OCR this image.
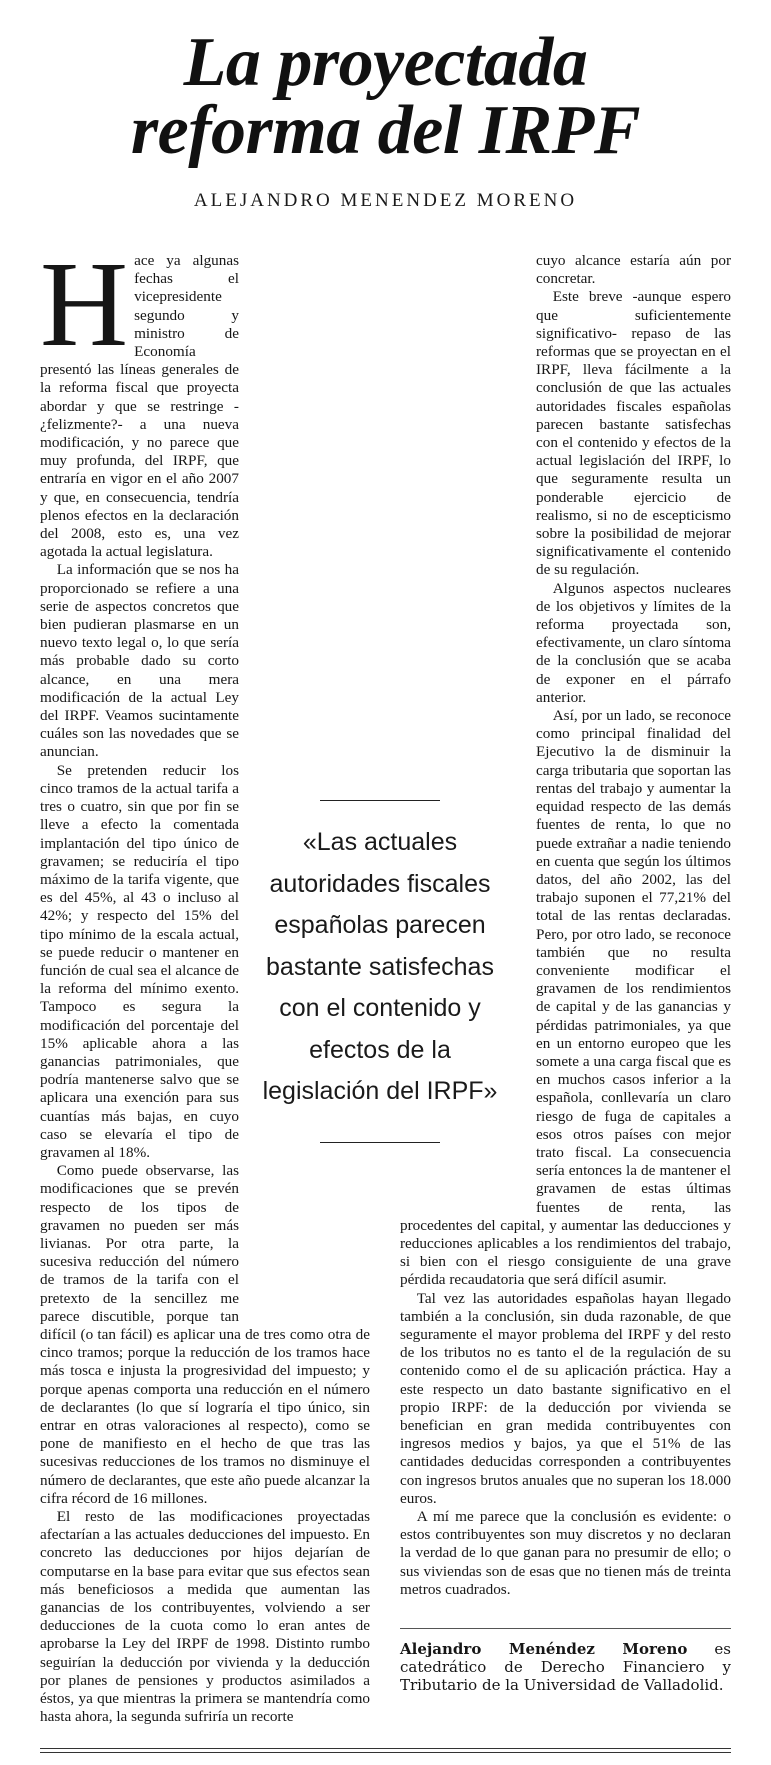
La proyectada
reforma del IRPF
ALEJANDRO MENENDEZ MORENO
H ace ya algunas fechas el vicepresidente segundo y ministro de Economía presentó las líneas generales de la reforma fiscal que proyecta abordar y que se restringe -¿felizmente?- a una nueva modificación, y no parece que muy profunda, del IRPF, que entraría en vigor en el año 2007 y que, en consecuencia, tendría plenos efectos en la declaración del 2008, esto es, una vez agotada la actual legislatura.

La información que se nos ha proporcionado se refiere a una serie de aspectos concretos que bien pudieran plasmarse en un nuevo texto legal o, lo que sería más probable dado su corto alcance, en una mera modificación de la actual Ley del IRPF. Veamos sucintamente cuáles son las novedades que se anuncian.

Se pretenden reducir los cinco tramos de la actual tarifa a tres o cuatro, sin que por fin se lleve a efecto la comentada implantación del tipo único de gravamen; se reduciría el tipo máximo de la tarifa vigente, que es del 45%, al 43 o incluso al 42%; y respecto del 15% del tipo mínimo de la escala actual, se puede reducir o mantener en función de cual sea el alcance de la reforma del mínimo exento. Tampoco es segura la modificación del porcentaje del 15% aplicable ahora a las ganancias patrimoniales, que podría mantenerse salvo que se aplicara una exención para sus cuantías más bajas, en cuyo caso se elevaría el tipo de gravamen al 18%.

Como puede observarse, las modificaciones que se prevén respecto de los tipos de gravamen no pueden ser más livianas. Por otra parte, la sucesiva reducción del número de tramos de la tarifa con el pretexto de la sencillez me parece discutible, porque tan difícil (o tan fácil) es aplicar una de tres como otra de cinco tramos; porque la reducción de los tramos hace más tosca e injusta la progresividad del impuesto; y porque apenas comporta una reducción en el número de declarantes (lo que sí lograría el tipo único, sin entrar en otras valoraciones al respecto), como se pone de manifiesto en el hecho de que tras las sucesivas reducciones de los tramos no disminuye el número de declarantes, que este año puede alcanzar la cifra récord de 16 millones.

El resto de las modificaciones proyectadas afectarían a las actuales deducciones del impuesto. En concreto las deducciones por hijos dejarían de computarse en la base para evitar que sus efectos sean más beneficiosos a medida que aumentan las ganancias de los contribuyentes, volviendo a ser deducciones de la cuota como lo eran antes de aprobarse la Ley del IRPF de 1998. Distinto rumbo seguirían la deducción por vivienda y la deducción por planes de pensiones y productos asimilados a éstos, ya que mientras la primera se mantendría como hasta ahora, la segunda sufriría un recorte

cuyo alcance estaría aún por concretar.

Este breve -aunque espero que suficientemente significativo- repaso de las reformas que se proyectan en el IRPF, lleva fácilmente a la conclusión de que las actuales autoridades fiscales españolas parecen bastante satisfechas con el contenido y efectos de la actual legislación del IRPF, lo que seguramente resulta un ponderable ejercicio de realismo, si no de escepticismo sobre la posibilidad de mejorar significativamente el contenido de su regulación.

Algunos aspectos nucleares de los objetivos y límites de la reforma proyectada son, efectivamente, un claro síntoma de la conclusión que se acaba de exponer en el párrafo anterior.

Así, por un lado, se reconoce como principal finalidad del Ejecutivo la de disminuir la carga tributaria que soportan las rentas del trabajo y aumentar la equidad respecto de las demás fuentes de renta, lo que no puede extrañar a nadie teniendo en cuenta que según los últimos datos, del año 2002, las del trabajo suponen el 77,21% del total de las rentas declaradas. Pero, por otro lado, se reconoce también que no resulta conveniente modificar el gravamen de los rendimientos de capital y de las ganancias y pérdidas patrimoniales, ya que en un entorno europeo que les somete a una carga fiscal que es en muchos casos inferior a la española, conllevaría un claro riesgo de fuga de capitales a esos otros países con mejor trato fiscal. La consecuencia sería entonces la de mantener el gravamen de estas últimas fuentes de renta, las procedentes del capital, y aumentar las deducciones y reducciones aplicables a los rendimientos del trabajo, si bien con el riesgo consiguiente de una grave pérdida recaudatoria que será difícil asumir.

Tal vez las autoridades españolas hayan llegado también a la conclusión, sin duda razonable, de que seguramente el mayor problema del IRPF y del resto de los tributos no es tanto el de la regulación de su contenido como el de su aplicación práctica. Hay a este respecto un dato bastante significativo en el propio IRPF: de la deducción por vivienda se benefician en gran medida contribuyentes con ingresos medios y bajos, ya que el 51% de las cantidades deducidas corresponden a contribuyentes con ingresos brutos anuales que no superan los 18.000 euros.

A mí me parece que la conclusión es evidente: o estos contribuyentes son muy discretos y no declaran la verdad de lo que ganan para no presumir de ello; o sus viviendas son de esas que no tienen más de treinta metros cuadrados.

«Las actuales autoridades fiscales españolas parecen bastante satisfechas con el contenido y efectos de la legislación del IRPF»
Alejandro Menéndez Moreno es catedrático de Derecho Financiero y Tributario de la Universidad de Valladolid.
